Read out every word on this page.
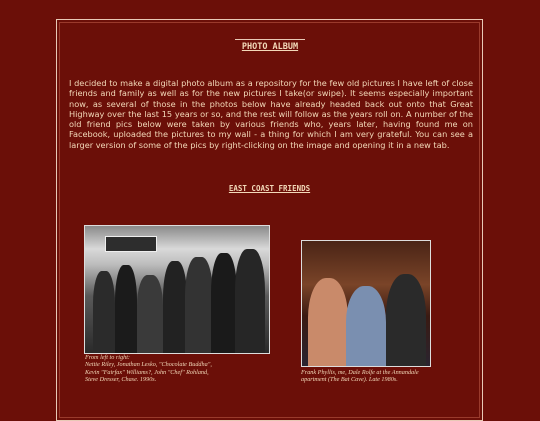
PHOTO ALBUM
I decided to make a digital photo album as a repository for the few old pictures I have left of close friends and family as well as for the new pictures I take(or swipe). It seems especially important now, as several of those in the photos below have already headed back out onto that Great Highway over the last 15 years or so, and the rest will follow as the years roll on. A number of the old friend pics below were taken by various friends who, years later, having found me on Facebook, uploaded the pictures to my wall - a thing for which I am very grateful. You can see a larger version of some of the pics by right-clicking on the image and opening it in a new tab.
EAST COAST FRIENDS
From left to right:
Nettie Riley, Jonathan Lesko, "Chocolate Buddha",
Kevin "Fairfax" Williams?, John "Chef" Rohland,
Steve Dresser, Chase. 1990s.
Frank Phyllis, me, Dale Rolfe at the Annandale
apartment (The Bat Cave). Late 1980s.
